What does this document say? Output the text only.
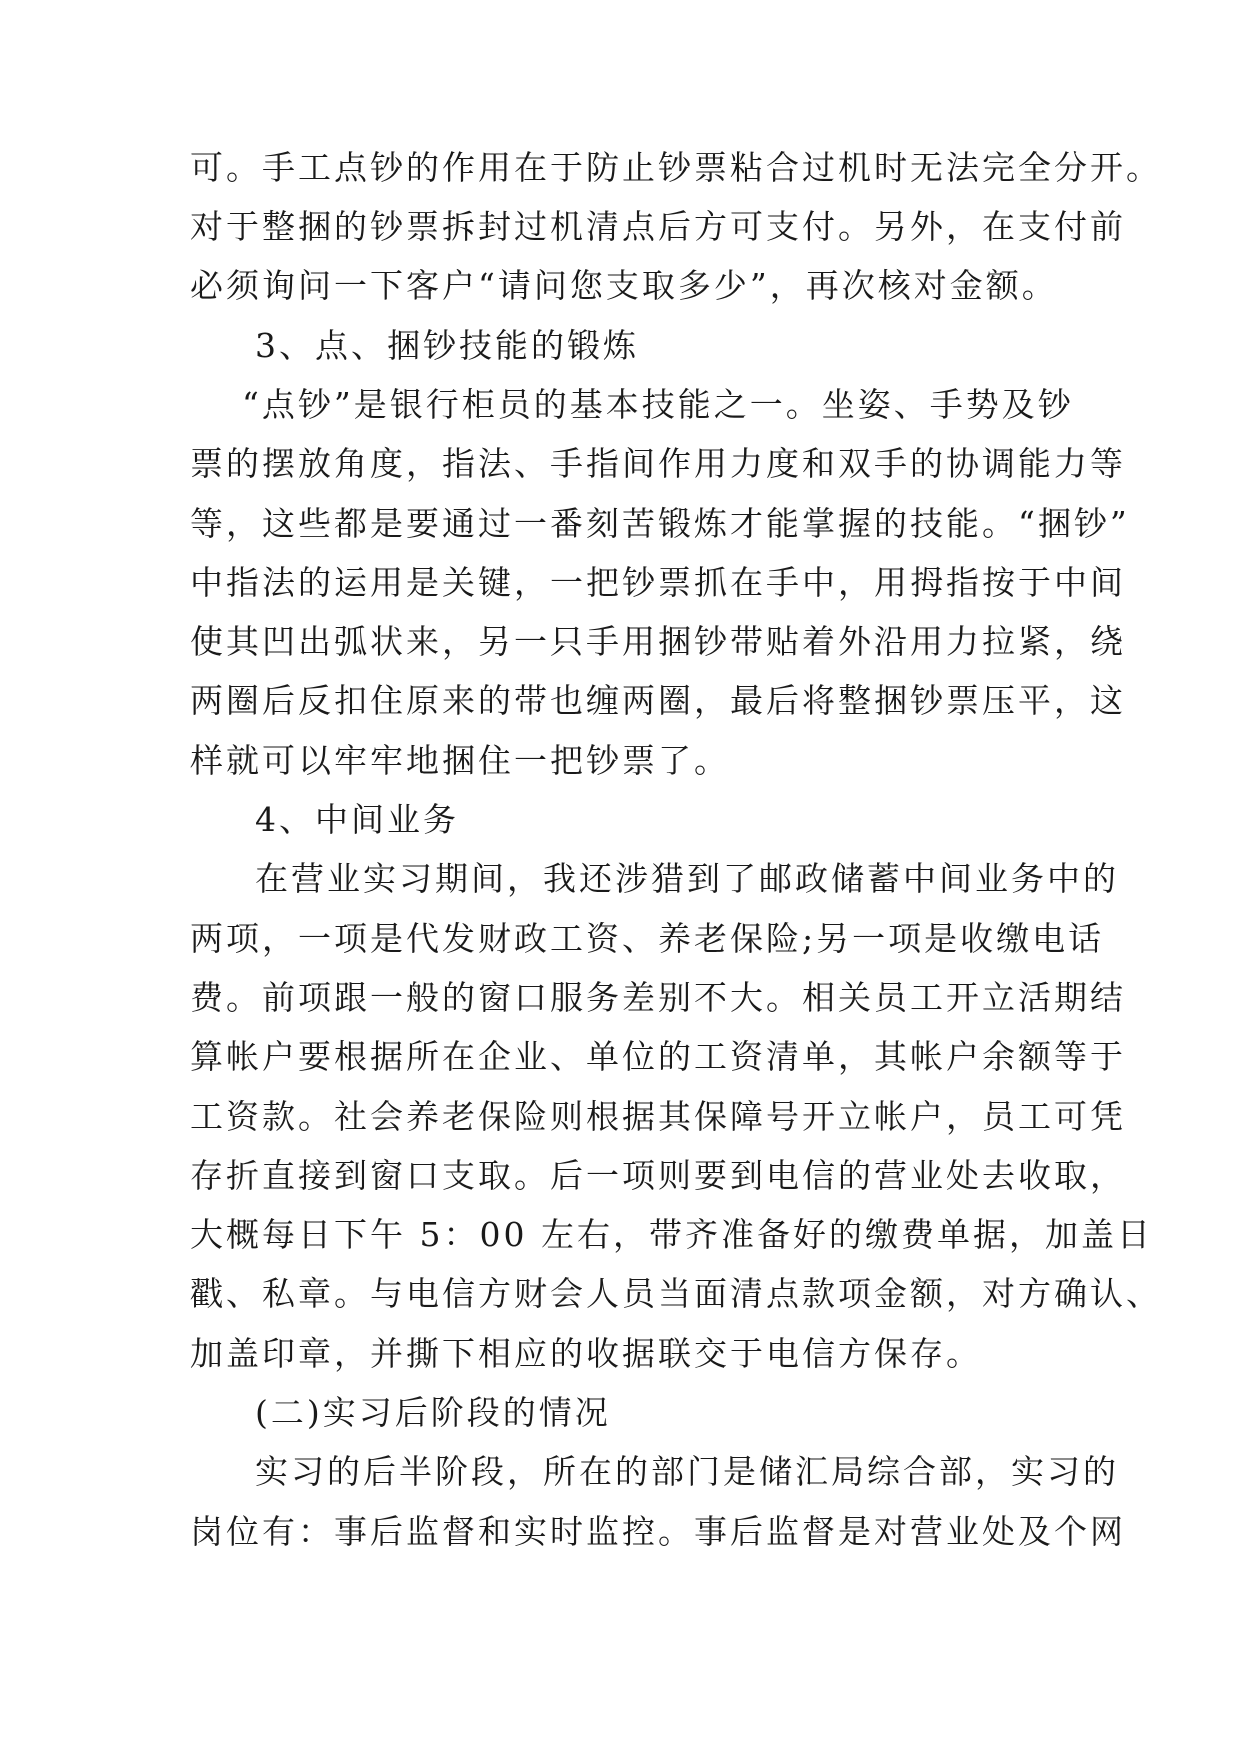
可。手工点钞的作用在于防止钞票粘合过机时无法完全分开。
对于整捆的钞票拆封过机清点后方可支付。另外，在支付前
必须询问一下客户“请问您支取多少”，再次核对金额。
3、点、捆钞技能的锻炼
“点钞”是银行柜员的基本技能之一。坐姿、手势及钞
票的摆放角度，指法、手指间作用力度和双手的协调能力等
等，这些都是要通过一番刻苦锻炼才能掌握的技能。“捆钞”
中指法的运用是关键，一把钞票抓在手中，用拇指按于中间
使其凹出弧状来，另一只手用捆钞带贴着外沿用力拉紧，绕
两圈后反扣住原来的带也缠两圈，最后将整捆钞票压平，这
样就可以牢牢地捆住一把钞票了。
4、中间业务
在营业实习期间，我还涉猎到了邮政储蓄中间业务中的
两项，一项是代发财政工资、养老保险;另一项是收缴电话
费。前项跟一般的窗口服务差别不大。相关员工开立活期结
算帐户要根据所在企业、单位的工资清单，其帐户余额等于
工资款。社会养老保险则根据其保障号开立帐户，员工可凭
存折直接到窗口支取。后一项则要到电信的营业处去收取，
大概每日下午 5：00 左右，带齐准备好的缴费单据，加盖日
戳、私章。与电信方财会人员当面清点款项金额，对方确认、
加盖印章，并撕下相应的收据联交于电信方保存。
(二)实习后阶段的情况
实习的后半阶段，所在的部门是储汇局综合部，实习的
岗位有：事后监督和实时监控。事后监督是对营业处及个网
